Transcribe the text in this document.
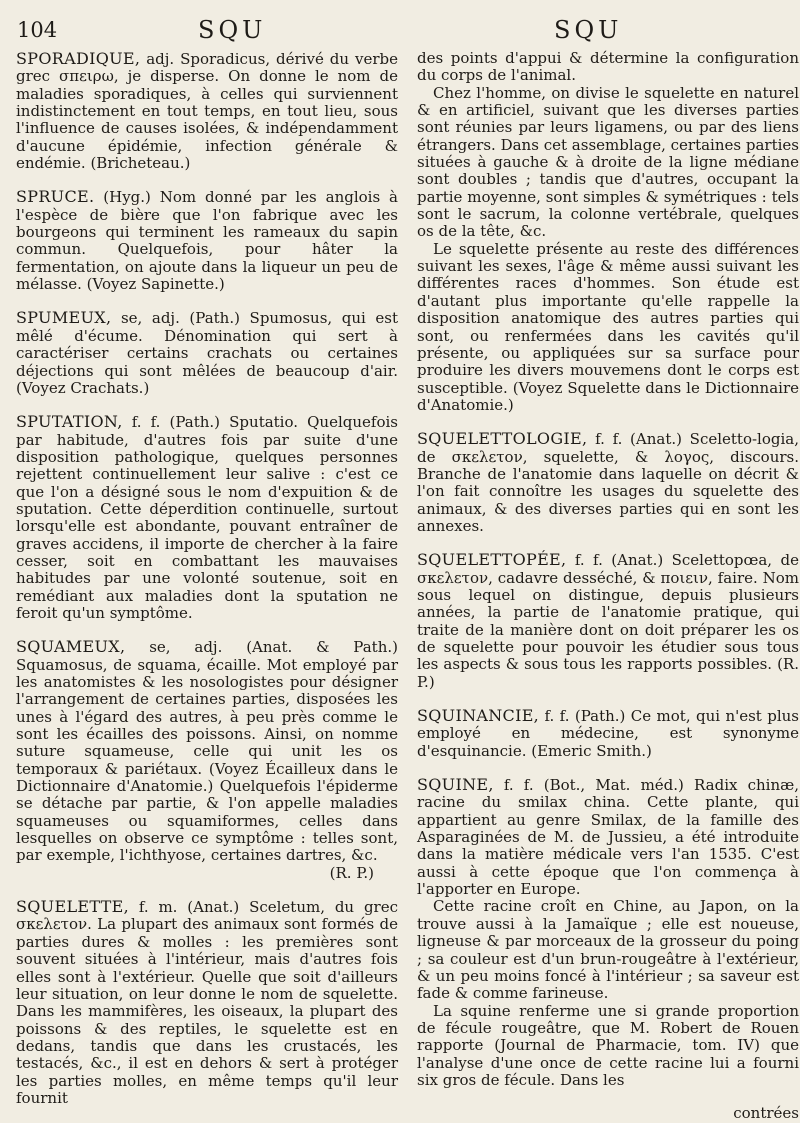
104	SQU	SQU

SPORADIQUE, adj. Sporadicus, dérivé du verbe grec σπειρω, je disperse. On donne le nom de maladies sporadiques, à celles qui surviennent indistinctement en tout temps, en tout lieu, sous l'influence de causes isolées, & indépendamment d'aucune épidémie, infection générale & endémie. (Bricheteau.)

SPRUCE. (Hyg.) Nom donné par les anglois à l'espèce de bière que l'on fabrique avec les bourgeons qui terminent les rameaux du sapin commun. Quelquefois, pour hâter la fermentation, on ajoute dans la liqueur un peu de mélasse. (Voyez Sapinette.)

SPUMEUX, se, adj. (Path.) Spumosus, qui est mêlé d'écume. Dénomination qui sert à caractériser certains crachats ou certaines déjections qui sont mêlées de beaucoup d'air. (Voyez Crachats.)

SPUTATION, f. f. (Path.) Sputatio. Quelquefois par habitude, d'autres fois par suite d'une disposition pathologique, quelques personnes rejettent continuellement leur salive : c'est ce que l'on a désigné sous le nom d'expuition & de sputation. Cette déperdition continuelle, surtout lorsqu'elle est abondante, pouvant entraîner de graves accidens, il importe de chercher à la faire cesser, soit en combattant les mauvaises habitudes par une volonté soutenue, soit en remédiant aux maladies dont la sputation ne feroit qu'un symptôme.

SQUAMEUX, se, adj. (Anat. & Path.) Squamosus, de squama, écaille. Mot employé par les anatomistes & les nosologistes pour désigner l'arrangement de certaines parties, disposées les unes à l'égard des autres, à peu près comme le sont les écailles des poissons. Ainsi, on nomme suture squameuse, celle qui unit les os temporaux & pariétaux. (Voyez Écailleux dans le Dictionnaire d'Anatomie.) Quelquefois l'épiderme se détache par partie, & l'on appelle maladies squameuses ou squamiformes, celles dans lesquelles on observe ce symptôme : telles sont, par exemple, l'ichthyose, certaines dartres, &c.

(R. P.)

SQUELETTE, f. m. (Anat.) Sceletum, du grec σκελετον. La plupart des animaux sont formés de parties dures & molles : les premières sont souvent situées à l'intérieur, mais d'autres fois elles sont à l'extérieur. Quelle que soit d'ailleurs leur situation, on leur donne le nom de squelette. Dans les mammifères, les oiseaux, la plupart des poissons & des reptiles, le squelette est en dedans, tandis que dans les crustacés, les testacés, &c., il est en dehors & sert à protéger les parties molles, en même temps qu'il leur fournit

des points d'appui & détermine la configuration du corps de l'animal.

Chez l'homme, on divise le squelette en naturel & en artificiel, suivant que les diverses parties sont réunies par leurs ligamens, ou par des liens étrangers. Dans cet assemblage, certaines parties situées à gauche & à droite de la ligne médiane sont doubles ; tandis que d'autres, occupant la partie moyenne, sont simples & symétriques : tels sont le sacrum, la colonne vertébrale, quelques os de la tête, &c.

Le squelette présente au reste des différences suivant les sexes, l'âge & même aussi suivant les différentes races d'hommes. Son étude est d'autant plus importante qu'elle rappelle la disposition anatomique des autres parties qui sont, ou renfermées dans les cavités qu'il présente, ou appliquées sur sa surface pour produire les divers mouvemens dont le corps est susceptible. (Voyez Squelette dans le Dictionnaire d'Anatomie.)

SQUELETTOLOGIE, f. f. (Anat.) Sceletto-logia, de σκελετον, squelette, & λογος, discours. Branche de l'anatomie dans laquelle on décrit & l'on fait connoître les usages du squelette des animaux, & des diverses parties qui en sont les annexes.

SQUELETTOPÉE, f. f. (Anat.) Scelettopœa, de σκελετον, cadavre desséché, & ποιειν, faire. Nom sous lequel on distingue, depuis plusieurs années, la partie de l'anatomie pratique, qui traite de la manière dont on doit préparer les os de squelette pour pouvoir les étudier sous tous les aspects & sous tous les rapports possibles. (R. P.)

SQUINANCIE, f. f. (Path.) Ce mot, qui n'est plus employé en médecine, est synonyme d'esquinancie. (Emeric Smith.)

SQUINE, f. f. (Bot., Mat. méd.) Radix chinæ, racine du smilax china. Cette plante, qui appartient au genre Smilax, de la famille des Asparaginées de M. de Jussieu, a été introduite dans la matière médicale vers l'an 1535. C'est aussi à cette époque que l'on commença à l'apporter en Europe.

Cette racine croît en Chine, au Japon, on la trouve aussi à la Jamaïque ; elle est noueuse, ligneuse & par morceaux de la grosseur du poing ; sa couleur est d'un brun-rougeâtre à l'extérieur, & un peu moins foncé à l'intérieur ; sa saveur est fade & comme farineuse.

La squine renferme une si grande proportion de fécule rougeâtre, que M. Robert de Rouen rapporte (Journal de Pharmacie, tom. IV) que l'analyse d'une once de cette racine lui a fourni six gros de fécule. Dans les

contrées
